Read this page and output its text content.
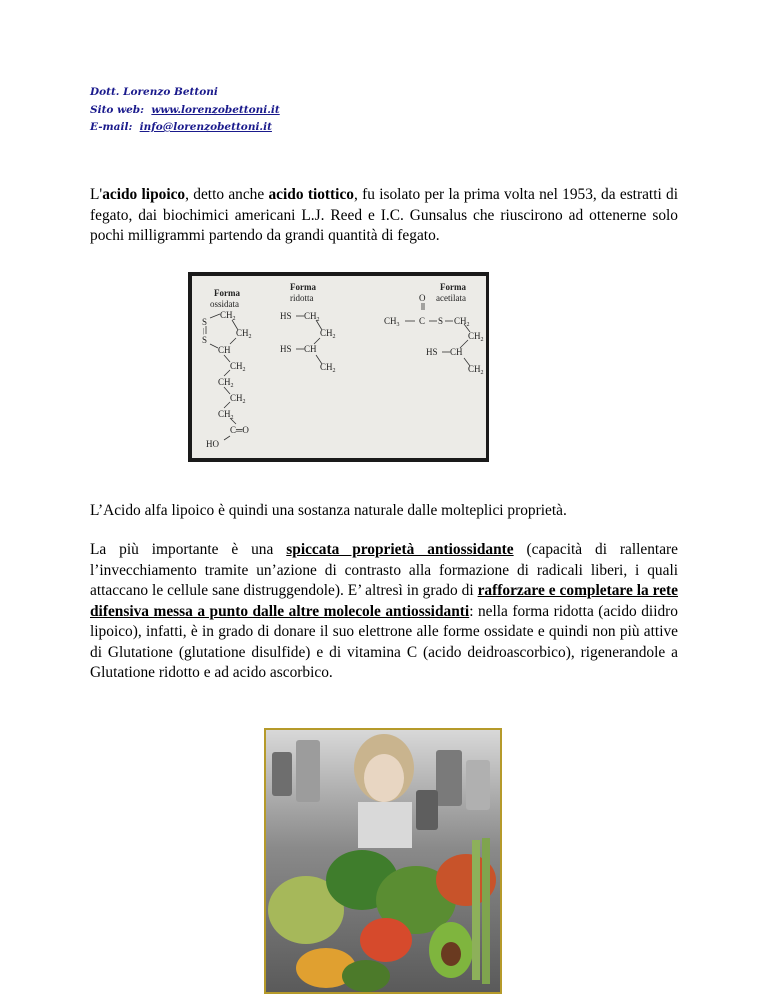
Dott. Lorenzo Bettoni
Sito web: www.lorenzobettoni.it
E-mail: info@lorenzobettoni.it

L'acido lipoico, detto anche acido tiottico, fu isolato per la prima volta nel 1953, da estratti di fegato, dai biochimici americani L.J. Reed e I.C. Gunsalus che riuscirono ad ottenerne solo pochi milligrammi partendo da grandi quantità di fegato.

Forma
ossidata
Forma
ridotta
Forma
acetilata
S
|
S
$CH_2$
$CH_2$
CH
$CH_2$
$CH_2$
$CH_2$
$CH_2$
C═O
HO
HS $CH_2$
$CH_2$
HS CH
$CH_2$
O
$CH_3$ C S $CH_2$
$CH_2$
HS CH
$CH_2$

L’Acido alfa lipoico è quindi una sostanza naturale dalle molteplici proprietà.

La più importante è una spiccata proprietà antiossidante (capacità di rallentare l’invecchiamento tramite un’azione di contrasto alla formazione di radicali liberi, i quali attaccano le cellule sane distruggendole). E’ altresì in grado di rafforzare e completare la rete difensiva messa a punto dalle altre molecole antiossidanti: nella forma ridotta (acido diidro lipoico), infatti, è in grado di donare il suo elettrone alle forme ossidate e quindi non più attive di Glutatione (glutatione disulfide) e di vitamina C (acido deidroascorbico), rigenerandole a Glutatione ridotto e ad acido ascorbico.
